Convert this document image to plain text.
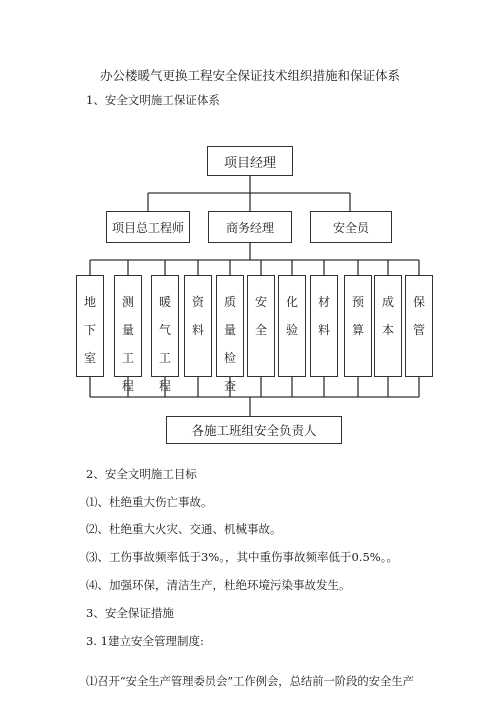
办公楼暖气更换工程安全保证技术组织措施和保证体系
1、安全文明施工保证体系
项目经理
项目总工程师	商务经理	安全员
地
下
室
测
量
工
程
暖
气
工
程
资
料
质
量
检
查
安
全
化
验
材
料
预
算
成
本
保
管
各施工班组安全负责人
2、安全文明施工目标
⑴、杜绝重大伤亡事故。
⑵、杜绝重大火灾、交通、机械事故。
⑶、工伤事故频率低于3%。，其中重伤事故频率低于0.5%。。
⑷、加强环保，清洁生产，杜绝环境污染事故发生。
3、安全保证措施
3. 1建立安全管理制度:
⑴召开“安全生产管理委员会”工作例会，总结前一阶段的安全生产
